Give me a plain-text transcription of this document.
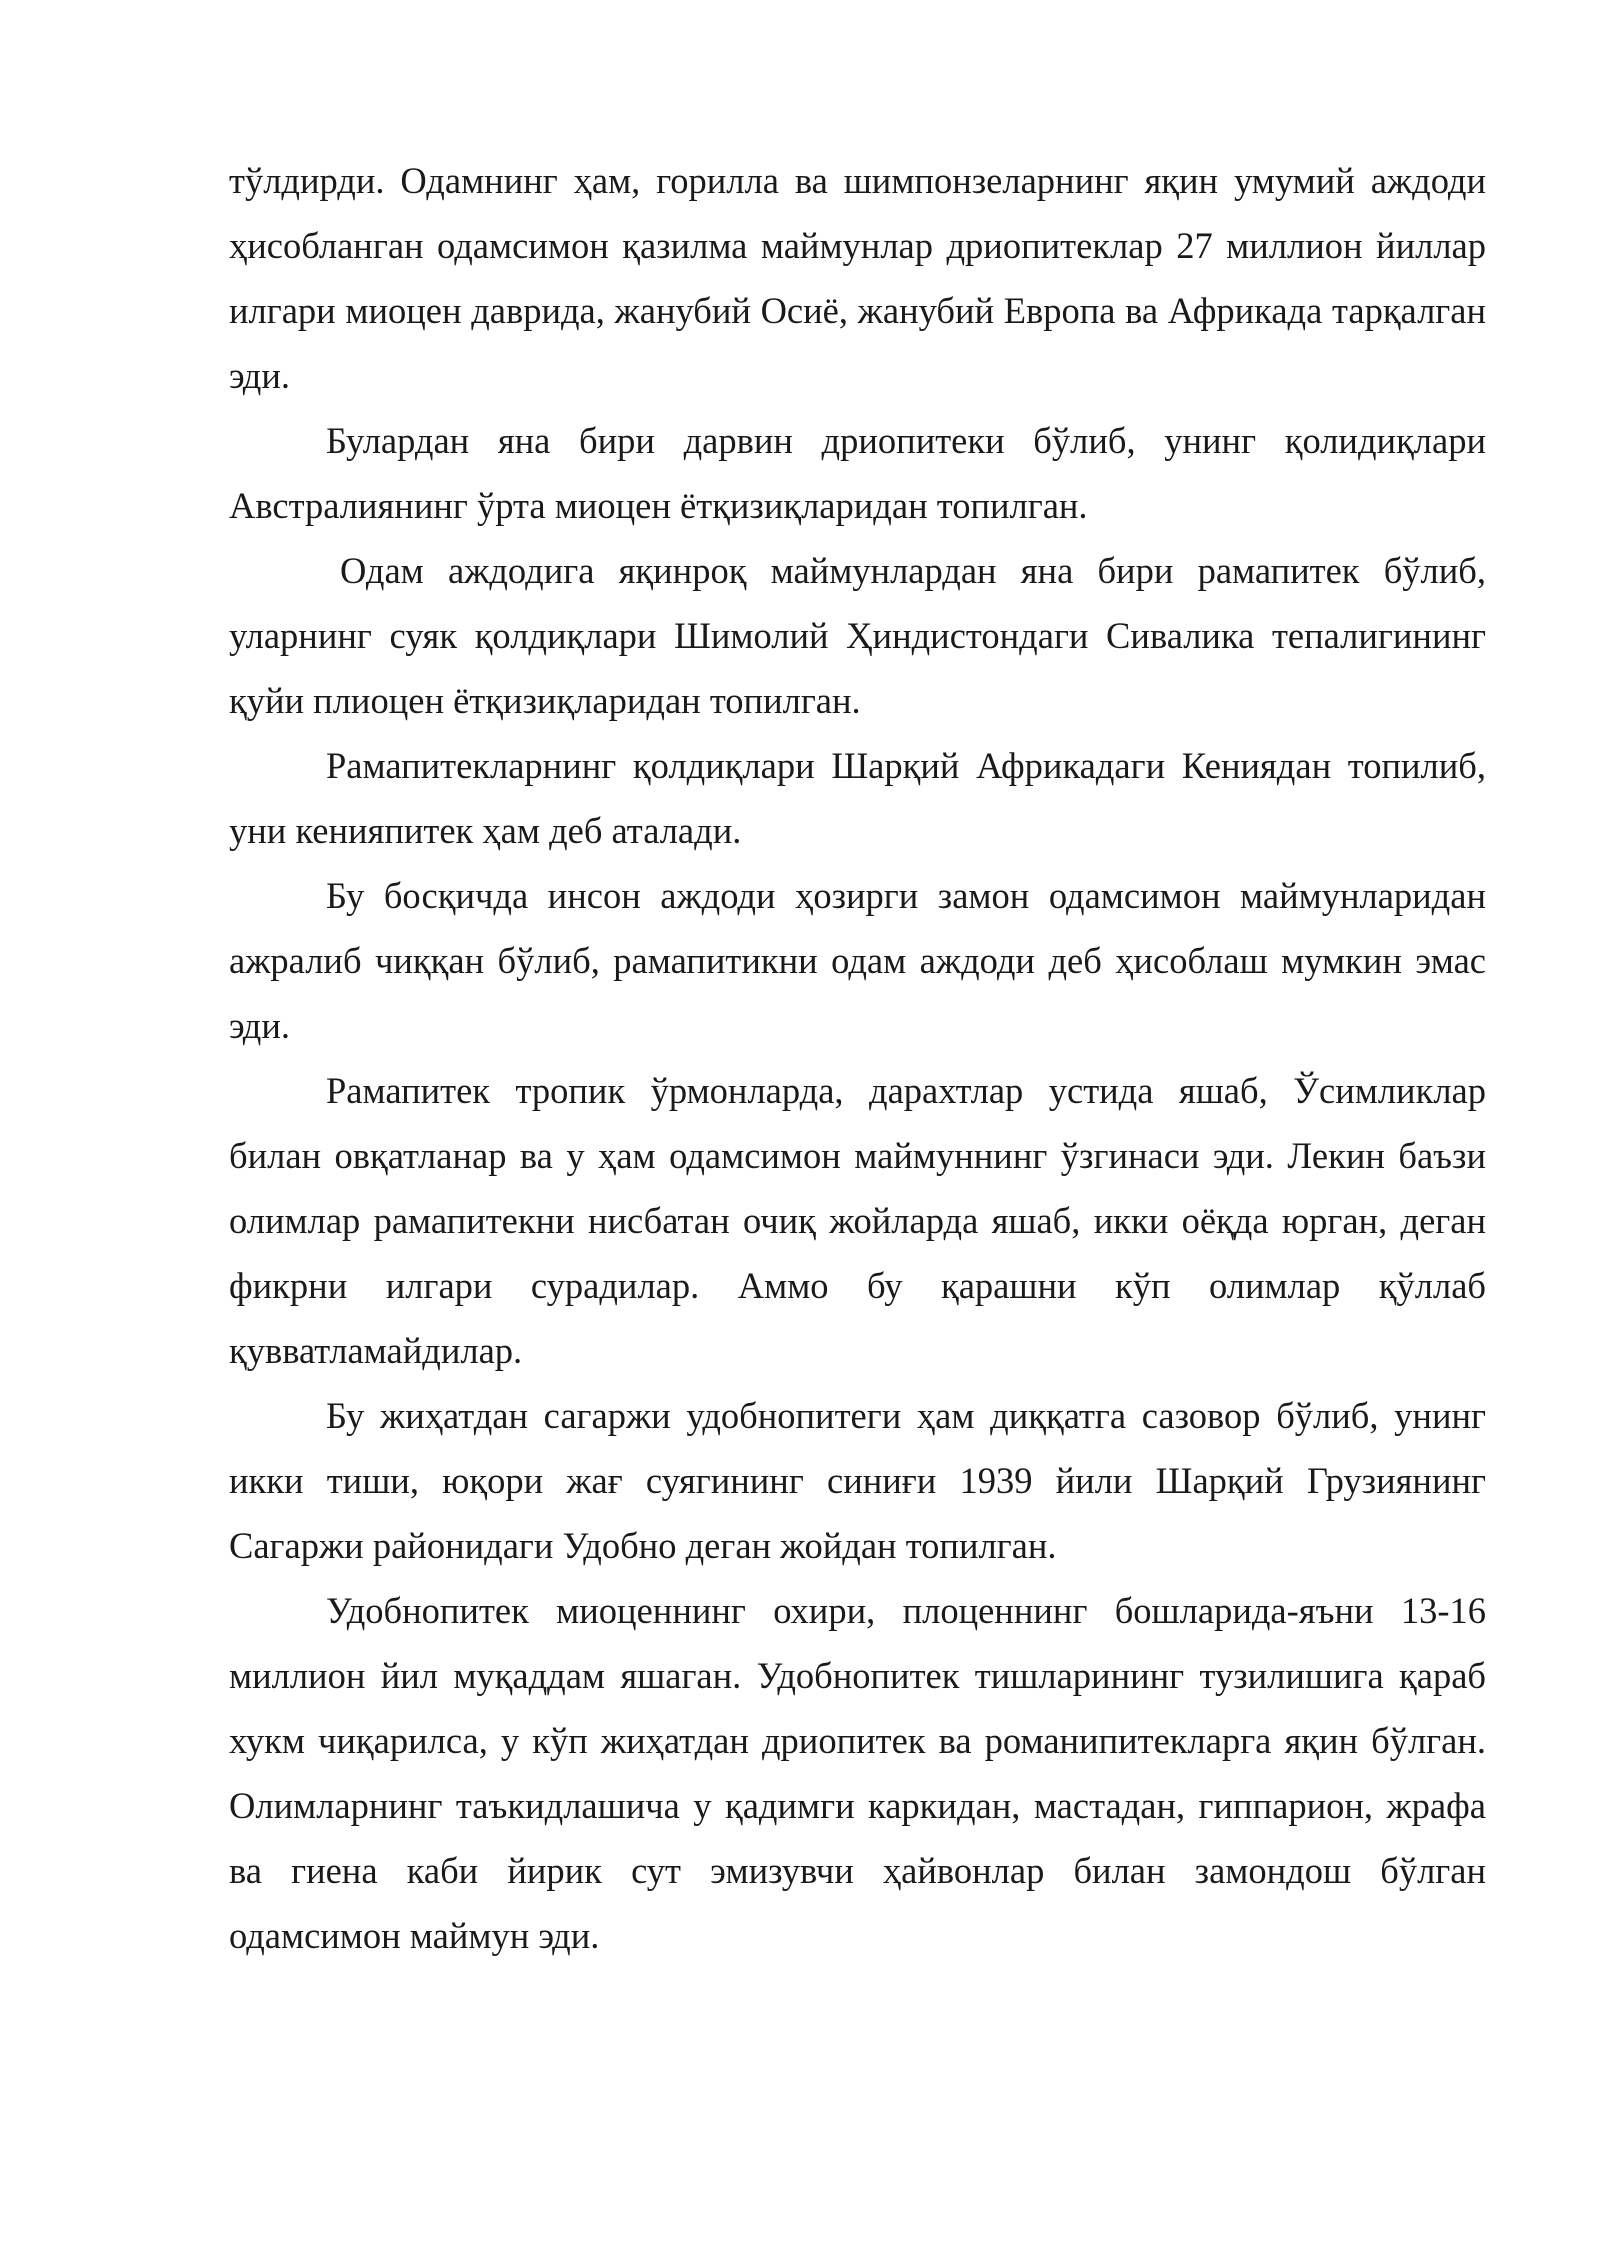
тўлдирди. Одамнинг ҳам, горилла ва шимпонзеларнинг яқин умумий аждоди ҳисобланган одамсимон қазилма маймунлар дриопитеклар 27 миллион йиллар илгари миоцен даврида, жанубий Осиё, жанубий Европа ва Африкада тарқалган эди.

Булардан яна бири дарвин дриопитеки бўлиб, унинг қолидиқлари Австралиянинг ўрта миоцен ётқизиқларидан топилган.

Одам аждодига яқинроқ маймунлардан яна бири рамапитек бўлиб, уларнинг суяк қолдиқлари Шимолий Ҳиндистондаги Сивалика тепалигининг қуйи плиоцен ётқизиқларидан топилган.

Рамапитекларнинг қолдиқлари Шарқий Африкадаги Кениядан топилиб, уни кенияпитек ҳам деб аталади.

Бу босқичда инсон аждоди ҳозирги замон одамсимон маймунларидан ажралиб чиққан бўлиб, рамапитикни одам аждоди деб ҳисоблаш мумкин эмас эди.

Рамапитек тропик ўрмонларда, дарахтлар устида яшаб, Ўсимликлар билан овқатланар ва у ҳам одамсимон маймуннинг ўзгинаси эди. Лекин баъзи олимлар рамапитекни нисбатан очиқ жойларда яшаб, икки оёқда юрган, деган фикрни илгари сурадилар. Аммо бу қарашни кўп олимлар қўллаб қувватламайдилар.

Бу жиҳатдан сагаржи удобнопитеги ҳам диққатга сазовор бўлиб, унинг икки тиши, юқори жағ суягининг синиғи 1939 йили Шарқий Грузиянинг Сагаржи районидаги Удобно деган жойдан топилган.

Удобнопитек миоценнинг охири, плоценнинг бошларида-яъни 13-16 миллион йил муқаддам яшаган. Удобнопитек тишларининг тузилишига қараб хукм чиқарилса, у кўп жиҳатдан дриопитек ва романипитекларга яқин бўлган. Олимларнинг таъкидлашича у қадимги каркидан, мастадан, гиппарион, жрафа ва гиена каби йирик сут эмизувчи ҳайвонлар билан замондош бўлган одамсимон маймун эди.
